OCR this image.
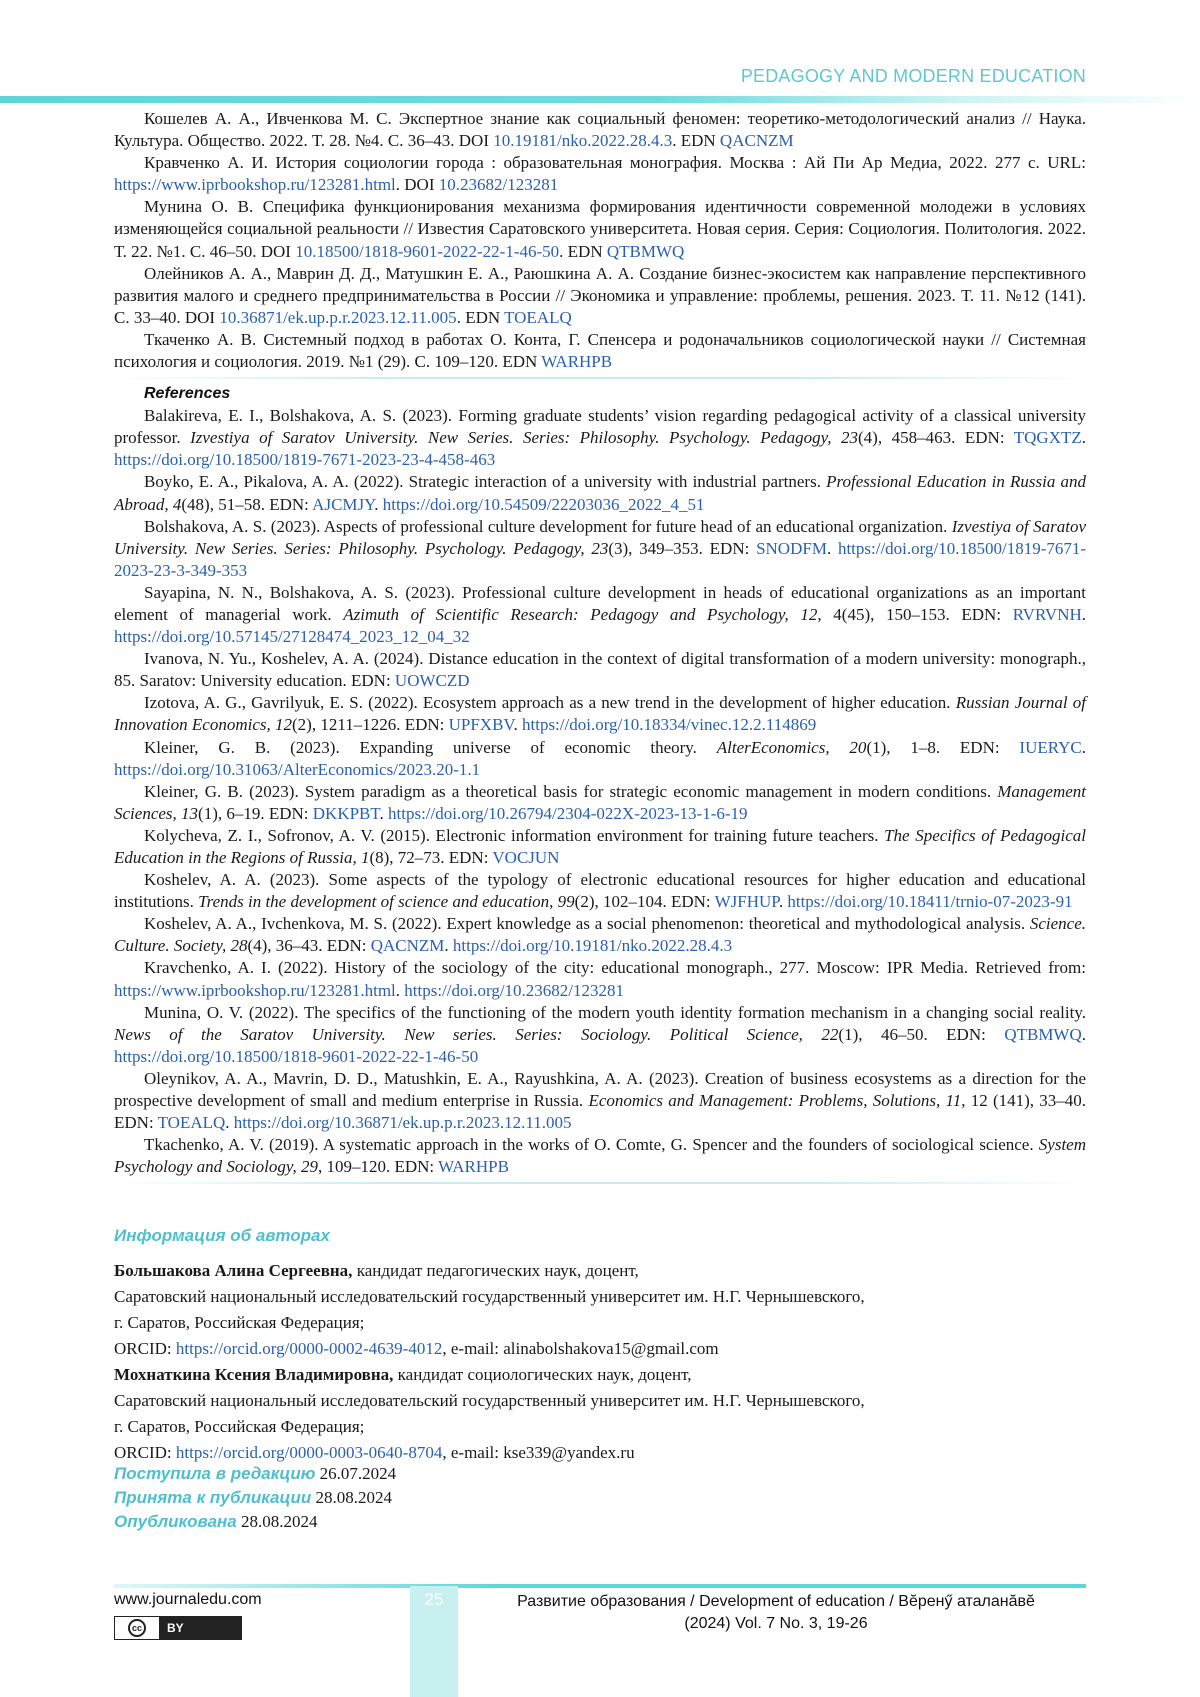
PEDAGOGY AND MODERN EDUCATION

Кошелев А. А., Ивченкова М. С. Экспертное знание как социальный феномен: теоретико-методологический анализ // Наука. Культура. Общество. 2022. Т. 28. №4. С. 36–43. DOI 10.19181/nko.2022.28.4.3. EDN QACNZM

Кравченко А. И. История социологии города : образовательная монография. Москва : Ай Пи Ар Медиа, 2022. 277 с. URL: https://www.iprbookshop.ru/123281.html. DOI 10.23682/123281

Мунина О. В. Специфика функционирования механизма формирования идентичности современной молодежи в условиях изменяющейся социальной реальности // Известия Саратовского университета. Новая серия. Серия: Социология. Политология. 2022. Т. 22. №1. С. 46–50. DOI 10.18500/1818-9601-2022-22-1-46-50. EDN QTBMWQ

Олейников А. А., Маврин Д. Д., Матушкин Е. А., Раюшкина А. А. Создание бизнес-экосистем как направление перспективного развития малого и среднего предпринимательства в России // Экономика и управление: проблемы, решения. 2023. Т. 11. №12 (141). С. 33–40. DOI 10.36871/ek.up.p.r.2023.12.11.005. EDN TOEALQ

Ткаченко А. В. Системный подход в работах О. Конта, Г. Спенсера и родоначальников социологической науки // Системная психология и социология. 2019. №1 (29). С. 109–120. EDN WARHPB

References

Balakireva, E. I., Bolshakova, A. S. (2023). Forming graduate students’ vision regarding pedagogical activity of a classical university professor. Izvestiya of Saratov University. New Series. Series: Philosophy. Psychology. Pedagogy, 23(4), 458–463. EDN: TQGXTZ. https://doi.org/10.18500/1819-7671-2023-23-4-458-463

Boyko, E. A., Pikalova, A. A. (2022). Strategic interaction of a university with industrial partners. Professional Education in Russia and Abroad, 4(48), 51–58. EDN: AJCMJY. https://doi.org/10.54509/22203036_2022_4_51

Bolshakova, A. S. (2023). Aspects of professional culture development for future head of an educational organization. Izvestiya of Saratov University. New Series. Series: Philosophy. Psychology. Pedagogy, 23(3), 349–353. EDN: SNODFM. https://doi.org/10.18500/1819-7671-2023-23-3-349-353

Sayapina, N. N., Bolshakova, A. S. (2023). Professional culture development in heads of educational organizations as an important element of managerial work. Azimuth of Scientific Research: Pedagogy and Psychology, 12, 4(45), 150–153. EDN: RVRVNH. https://doi.org/10.57145/27128474_2023_12_04_32

Ivanova, N. Yu., Koshelev, A. A. (2024). Distance education in the context of digital transformation of a modern university: monograph., 85. Saratov: University education. EDN: UOWCZD

Izotova, A. G., Gavrilyuk, E. S. (2022). Ecosystem approach as a new trend in the development of higher education. Russian Journal of Innovation Economics, 12(2), 1211–1226. EDN: UPFXBV. https://doi.org/10.18334/vinec.12.2.114869

Kleiner, G. B. (2023). Expanding universe of economic theory. AlterEconomics, 20(1), 1–8. EDN: IUERYC. https://doi.org/10.31063/AlterEconomics/2023.20-1.1

Kleiner, G. B. (2023). System paradigm as a theoretical basis for strategic economic management in modern conditions. Management Sciences, 13(1), 6–19. EDN: DKKPBT. https://doi.org/10.26794/2304-022X-2023-13-1-6-19

Kolycheva, Z. I., Sofronov, A. V. (2015). Electronic information environment for training future teachers. The Specifics of Pedagogical Education in the Regions of Russia, 1(8), 72–73. EDN: VOCJUN

Koshelev, A. A. (2023). Some aspects of the typology of electronic educational resources for higher education and educational institutions. Trends in the development of science and education, 99(2), 102–104. EDN: WJFHUP. https://doi.org/10.18411/trnio-07-2023-91

Koshelev, A. A., Ivchenkova, M. S. (2022). Expert knowledge as a social phenomenon: theoretical and mythodological analysis. Science. Culture. Society, 28(4), 36–43. EDN: QACNZM. https://doi.org/10.19181/nko.2022.28.4.3

Kravchenko, A. I. (2022). History of the sociology of the city: educational monograph., 277. Moscow: IPR Media. Retrieved from: https://www.iprbookshop.ru/123281.html. https://doi.org/10.23682/123281

Munina, O. V. (2022). The specifics of the functioning of the modern youth identity formation mechanism in a changing social reality. News of the Saratov University. New series. Series: Sociology. Political Science, 22(1), 46–50. EDN: QTBMWQ. https://doi.org/10.18500/1818-9601-2022-22-1-46-50

Oleynikov, A. A., Mavrin, D. D., Matushkin, E. A., Rayushkina, A. A. (2023). Creation of business ecosystems as a direction for the prospective development of small and medium enterprise in Russia. Economics and Management: Problems, Solutions, 11, 12 (141), 33–40. EDN: TOEALQ. https://doi.org/10.36871/ek.up.p.r.2023.12.11.005

Tkachenko, A. V. (2019). A systematic approach in the works of O. Comte, G. Spencer and the founders of sociological science. System Psychology and Sociology, 29, 109–120. EDN: WARHPB

Информация об авторах

Большакова Алина Сергеевна, кандидат педагогических наук, доцент,

Саратовский национальный исследовательский государственный университет им. Н.Г. Чернышевского,

г. Саратов, Российская Федерация;

ORCID: https://orcid.org/0000-0002-4639-4012, e-mail: alinabolshakova15@gmail.com

Мохнаткина Ксения Владимировна, кандидат социологических наук, доцент,

Саратовский национальный исследовательский государственный университет им. Н.Г. Чернышевского,

г. Саратов, Российская Федерация;

ORCID: https://orcid.org/0000-0003-0640-8704, e-mail: kse339@yandex.ru

Поступила в редакцию 26.07.2024

Принята к публикации 28.08.2024

Опубликована 28.08.2024

25
www.journaledu.com
cc	BY
Развитие образования / Development of education / Вĕренӳ аталанăвĕ
(2024) Vol. 7 No. 3, 19-26
